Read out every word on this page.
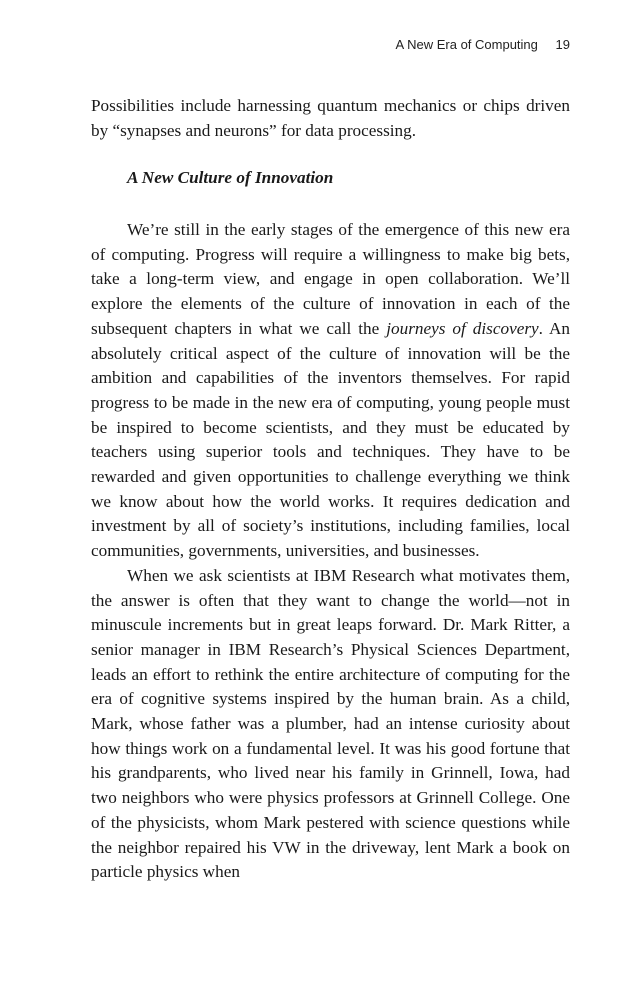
A New Era of Computing 19

Possibilities include harnessing quantum mechanics or chips driven by “synapses and neurons” for data processing.

A New Culture of Innovation

We’re still in the early stages of the emergence of this new era of computing. Progress will require a willingness to make big bets, take a long-term view, and engage in open collaboration. We’ll explore the elements of the culture of innovation in each of the subsequent chapters in what we call the journeys of discovery. An absolutely critical aspect of the culture of innovation will be the ambition and capabilities of the inventors themselves. For rapid progress to be made in the new era of computing, young people must be inspired to become scientists, and they must be educated by teachers using superior tools and techniques. They have to be rewarded and given opportunities to challenge everything we think we know about how the world works. It requires dedication and investment by all of society’s institutions, including families, local communities, governments, universities, and businesses.

When we ask scientists at IBM Research what motivates them, the answer is often that they want to change the world—not in minuscule increments but in great leaps forward. Dr. Mark Ritter, a senior manager in IBM Research’s Physical Sciences Department, leads an effort to rethink the entire architecture of computing for the era of cognitive systems inspired by the human brain. As a child, Mark, whose father was a plumber, had an intense curiosity about how things work on a fundamental level. It was his good fortune that his grandparents, who lived near his family in Grinnell, Iowa, had two neighbors who were physics professors at Grinnell College. One of the physicists, whom Mark pestered with science questions while the neighbor repaired his VW in the driveway, lent Mark a book on particle physics when
